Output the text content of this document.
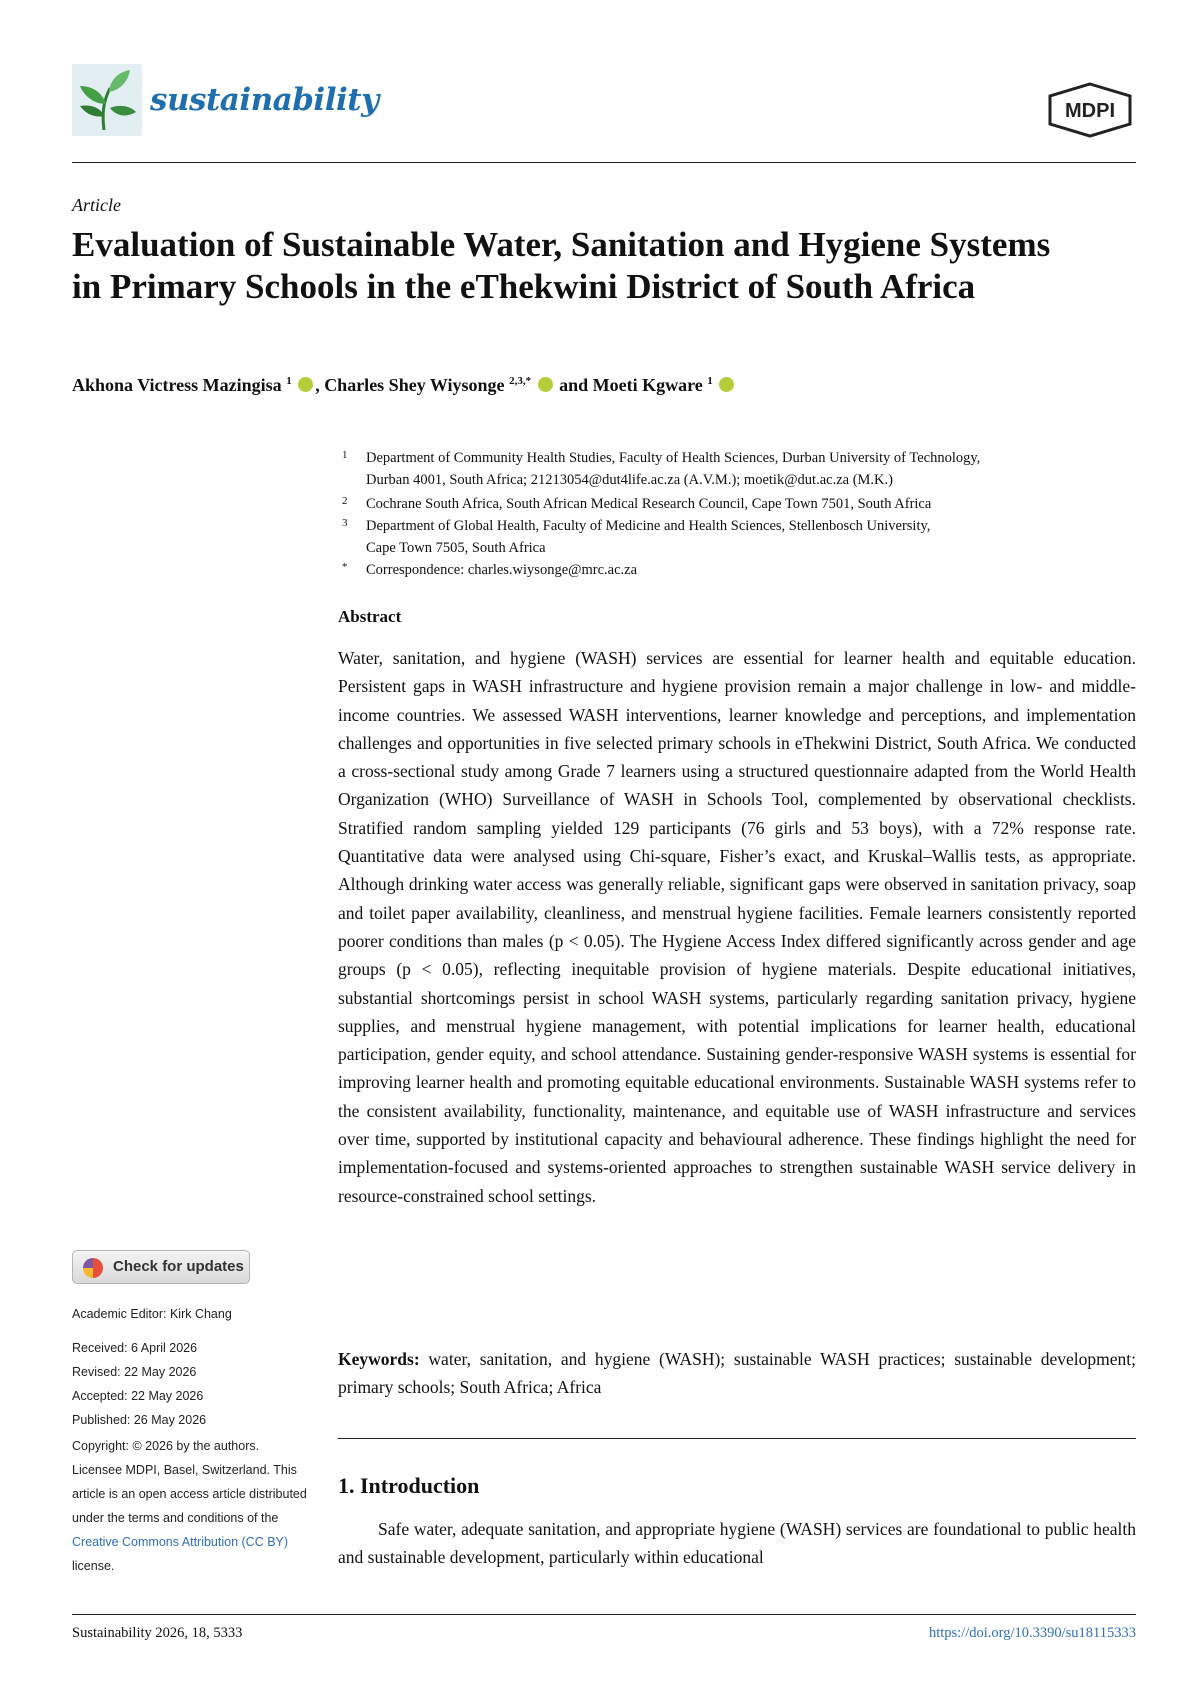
sustainability	MDPI
Article
Evaluation of Sustainable Water, Sanitation and Hygiene Systems in Primary Schools in the eThekwini District of South Africa
Akhona Victress Mazingisa $^1$ , Charles Shey Wiysonge $^{2,3,*}$ and Moeti Kgware $^1$
1 Department of Community Health Studies, Faculty of Health Sciences, Durban University of Technology,
Durban 4001, South Africa; 21213054@dut4life.ac.za (A.V.M.); moetik@dut.ac.za (M.K.)
2 Cochrane South Africa, South African Medical Research Council, Cape Town 7501, South Africa
3 Department of Global Health, Faculty of Medicine and Health Sciences, Stellenbosch University,
Cape Town 7505, South Africa
* Correspondence: charles.wiysonge@mrc.ac.za
Abstract
Water, sanitation, and hygiene (WASH) services are essential for learner health and equitable education. Persistent gaps in WASH infrastructure and hygiene provision remain a major challenge in low- and middle-income countries. We assessed WASH interventions, learner knowledge and perceptions, and implementation challenges and opportunities in five selected primary schools in eThekwini District, South Africa. We conducted a cross-sectional study among Grade 7 learners using a structured questionnaire adapted from the World Health Organization (WHO) Surveillance of WASH in Schools Tool, complemented by observational checklists. Stratified random sampling yielded 129 participants (76 girls and 53 boys), with a 72% response rate. Quantitative data were analysed using Chi-square, Fisher’s exact, and Kruskal–Wallis tests, as appropriate. Although drinking water access was generally reliable, significant gaps were observed in sanitation privacy, soap and toilet paper availability, cleanliness, and menstrual hygiene facilities. Female learners consistently reported poorer conditions than males (p < 0.05). The Hygiene Access Index differed significantly across gender and age groups (p < 0.05), reflecting inequitable provision of hygiene materials. Despite educational initiatives, substantial shortcomings persist in school WASH systems, particularly regarding sanitation privacy, hygiene supplies, and menstrual hygiene management, with potential implications for learner health, educational participation, gender equity, and school attendance. Sustaining gender-responsive WASH systems is essential for improving learner health and promoting equitable educational environments. Sustainable WASH systems refer to the consistent availability, functionality, maintenance, and equitable use of WASH infrastructure and services over time, supported by institutional capacity and behavioural adherence. These findings highlight the need for implementation-focused and systems-oriented approaches to strengthen sustainable WASH service delivery in resource-constrained school settings.
Keywords: water, sanitation, and hygiene (WASH); sustainable WASH practices; sustainable development; primary schools; South Africa; Africa
1. Introduction
Safe water, adequate sanitation, and appropriate hygiene (WASH) services are foundational to public health and sustainable development, particularly within educational
Check for updates
Academic Editor: Kirk Chang
Received: 6 April 2026
Revised: 22 May 2026
Accepted: 22 May 2026
Published: 26 May 2026
Copyright: © 2026 by the authors. Licensee MDPI, Basel, Switzerland. This article is an open access article distributed under the terms and conditions of the Creative Commons Attribution (CC BY) license.
Sustainability 2026, 18, 5333	https://doi.org/10.3390/su18115333
